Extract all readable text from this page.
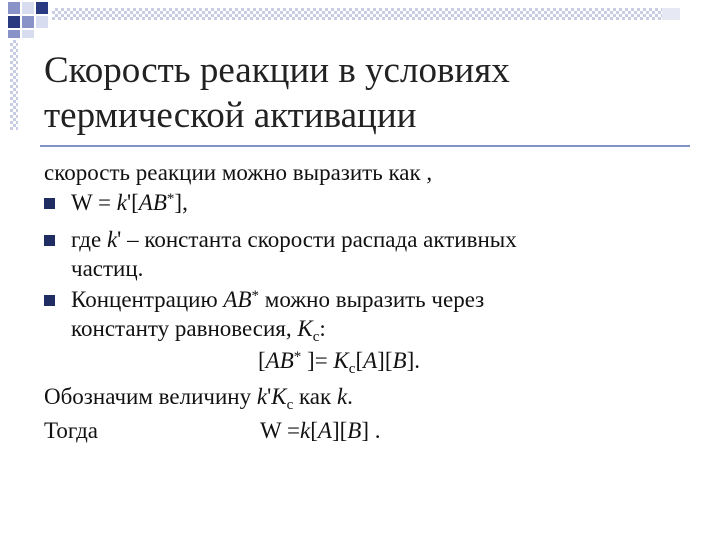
Скорость реакции в условиях
термической активации
скорость реакции можно выразить как ,
W = k'[AB*],
где k' – константа скорости распада активных
частиц.
Концентрацию AB* можно выразить через
константу равновесия, $K_c$:
[AB* ]= $K_c[A][B]$.
Обозначим величину $k'K_c$ как k.
Тогда	W =k[A][B] .
